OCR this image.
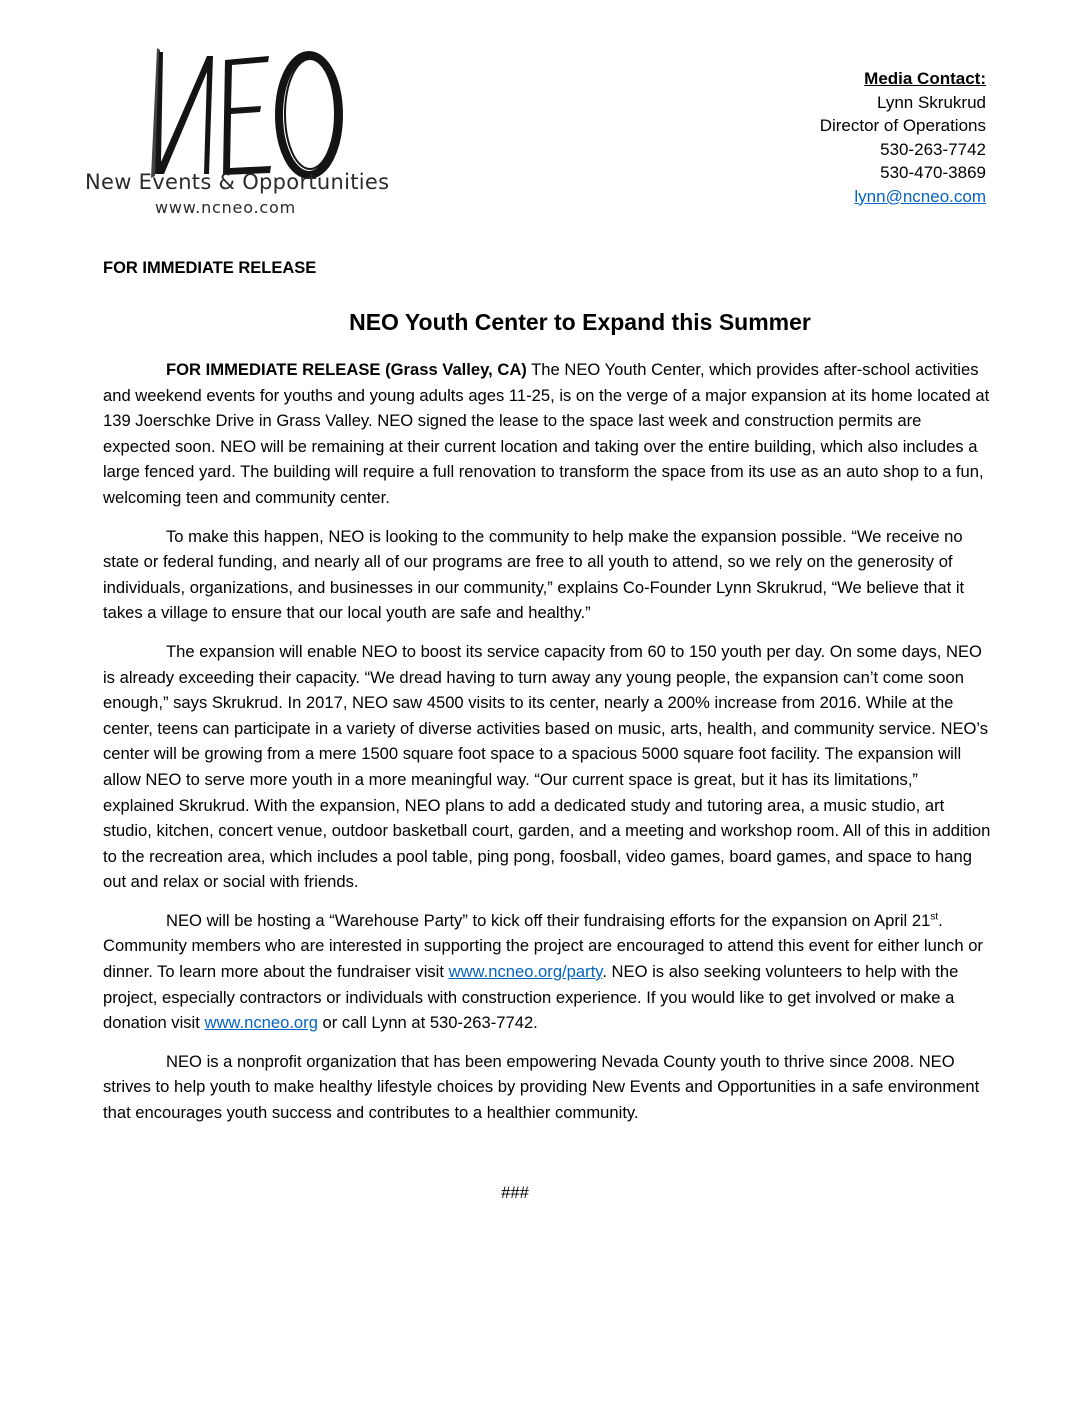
New Events & Opportunities
www.ncneo.com
Media Contact:
Lynn Skrukrud
Director of Operations
530-263-7742
530-470-3869
lynn@ncneo.com
FOR IMMEDIATE RELEASE
NEO Youth Center to Expand this Summer

FOR IMMEDIATE RELEASE (Grass Valley, CA) The NEO Youth Center, which provides after-school activities and weekend events for youths and young adults ages 11-25, is on the verge of a major expansion at its home located at 139 Joerschke Drive in Grass Valley. NEO signed the lease to the space last week and construction permits are expected soon. NEO will be remaining at their current location and taking over the entire building, which also includes a large fenced yard. The building will require a full renovation to transform the space from its use as an auto shop to a fun, welcoming teen and community center.

To make this happen, NEO is looking to the community to help make the expansion possible. “We receive no state or federal funding, and nearly all of our programs are free to all youth to attend, so we rely on the generosity of individuals, organizations, and businesses in our community,” explains Co-Founder Lynn Skrukrud, “We believe that it takes a village to ensure that our local youth are safe and healthy.”

The expansion will enable NEO to boost its service capacity from 60 to 150 youth per day. On some days, NEO is already exceeding their capacity. “We dread having to turn away any young people, the expansion can’t come soon enough,” says Skrukrud. In 2017, NEO saw 4500 visits to its center, nearly a 200% increase from 2016. While at the center, teens can participate in a variety of diverse activities based on music, arts, health, and community service. NEO’s center will be growing from a mere 1500 square foot space to a spacious 5000 square foot facility. The expansion will allow NEO to serve more youth in a more meaningful way. “Our current space is great, but it has its limitations,” explained Skrukrud. With the expansion, NEO plans to add a dedicated study and tutoring area, a music studio, art studio, kitchen, concert venue, outdoor basketball court, garden, and a meeting and workshop room. All of this in addition to the recreation area, which includes a pool table, ping pong, foosball, video games, board games, and space to hang out and relax or social with friends.

NEO will be hosting a “Warehouse Party” to kick off their fundraising efforts for the expansion on April 21st. Community members who are interested in supporting the project are encouraged to attend this event for either lunch or dinner. To learn more about the fundraiser visit www.ncneo.org/party. NEO is also seeking volunteers to help with the project, especially contractors or individuals with construction experience. If you would like to get involved or make a donation visit www.ncneo.org or call Lynn at 530-263-7742.

NEO is a nonprofit organization that has been empowering Nevada County youth to thrive since 2008. NEO strives to help youth to make healthy lifestyle choices by providing New Events and Opportunities in a safe environment that encourages youth success and contributes to a healthier community.

###
